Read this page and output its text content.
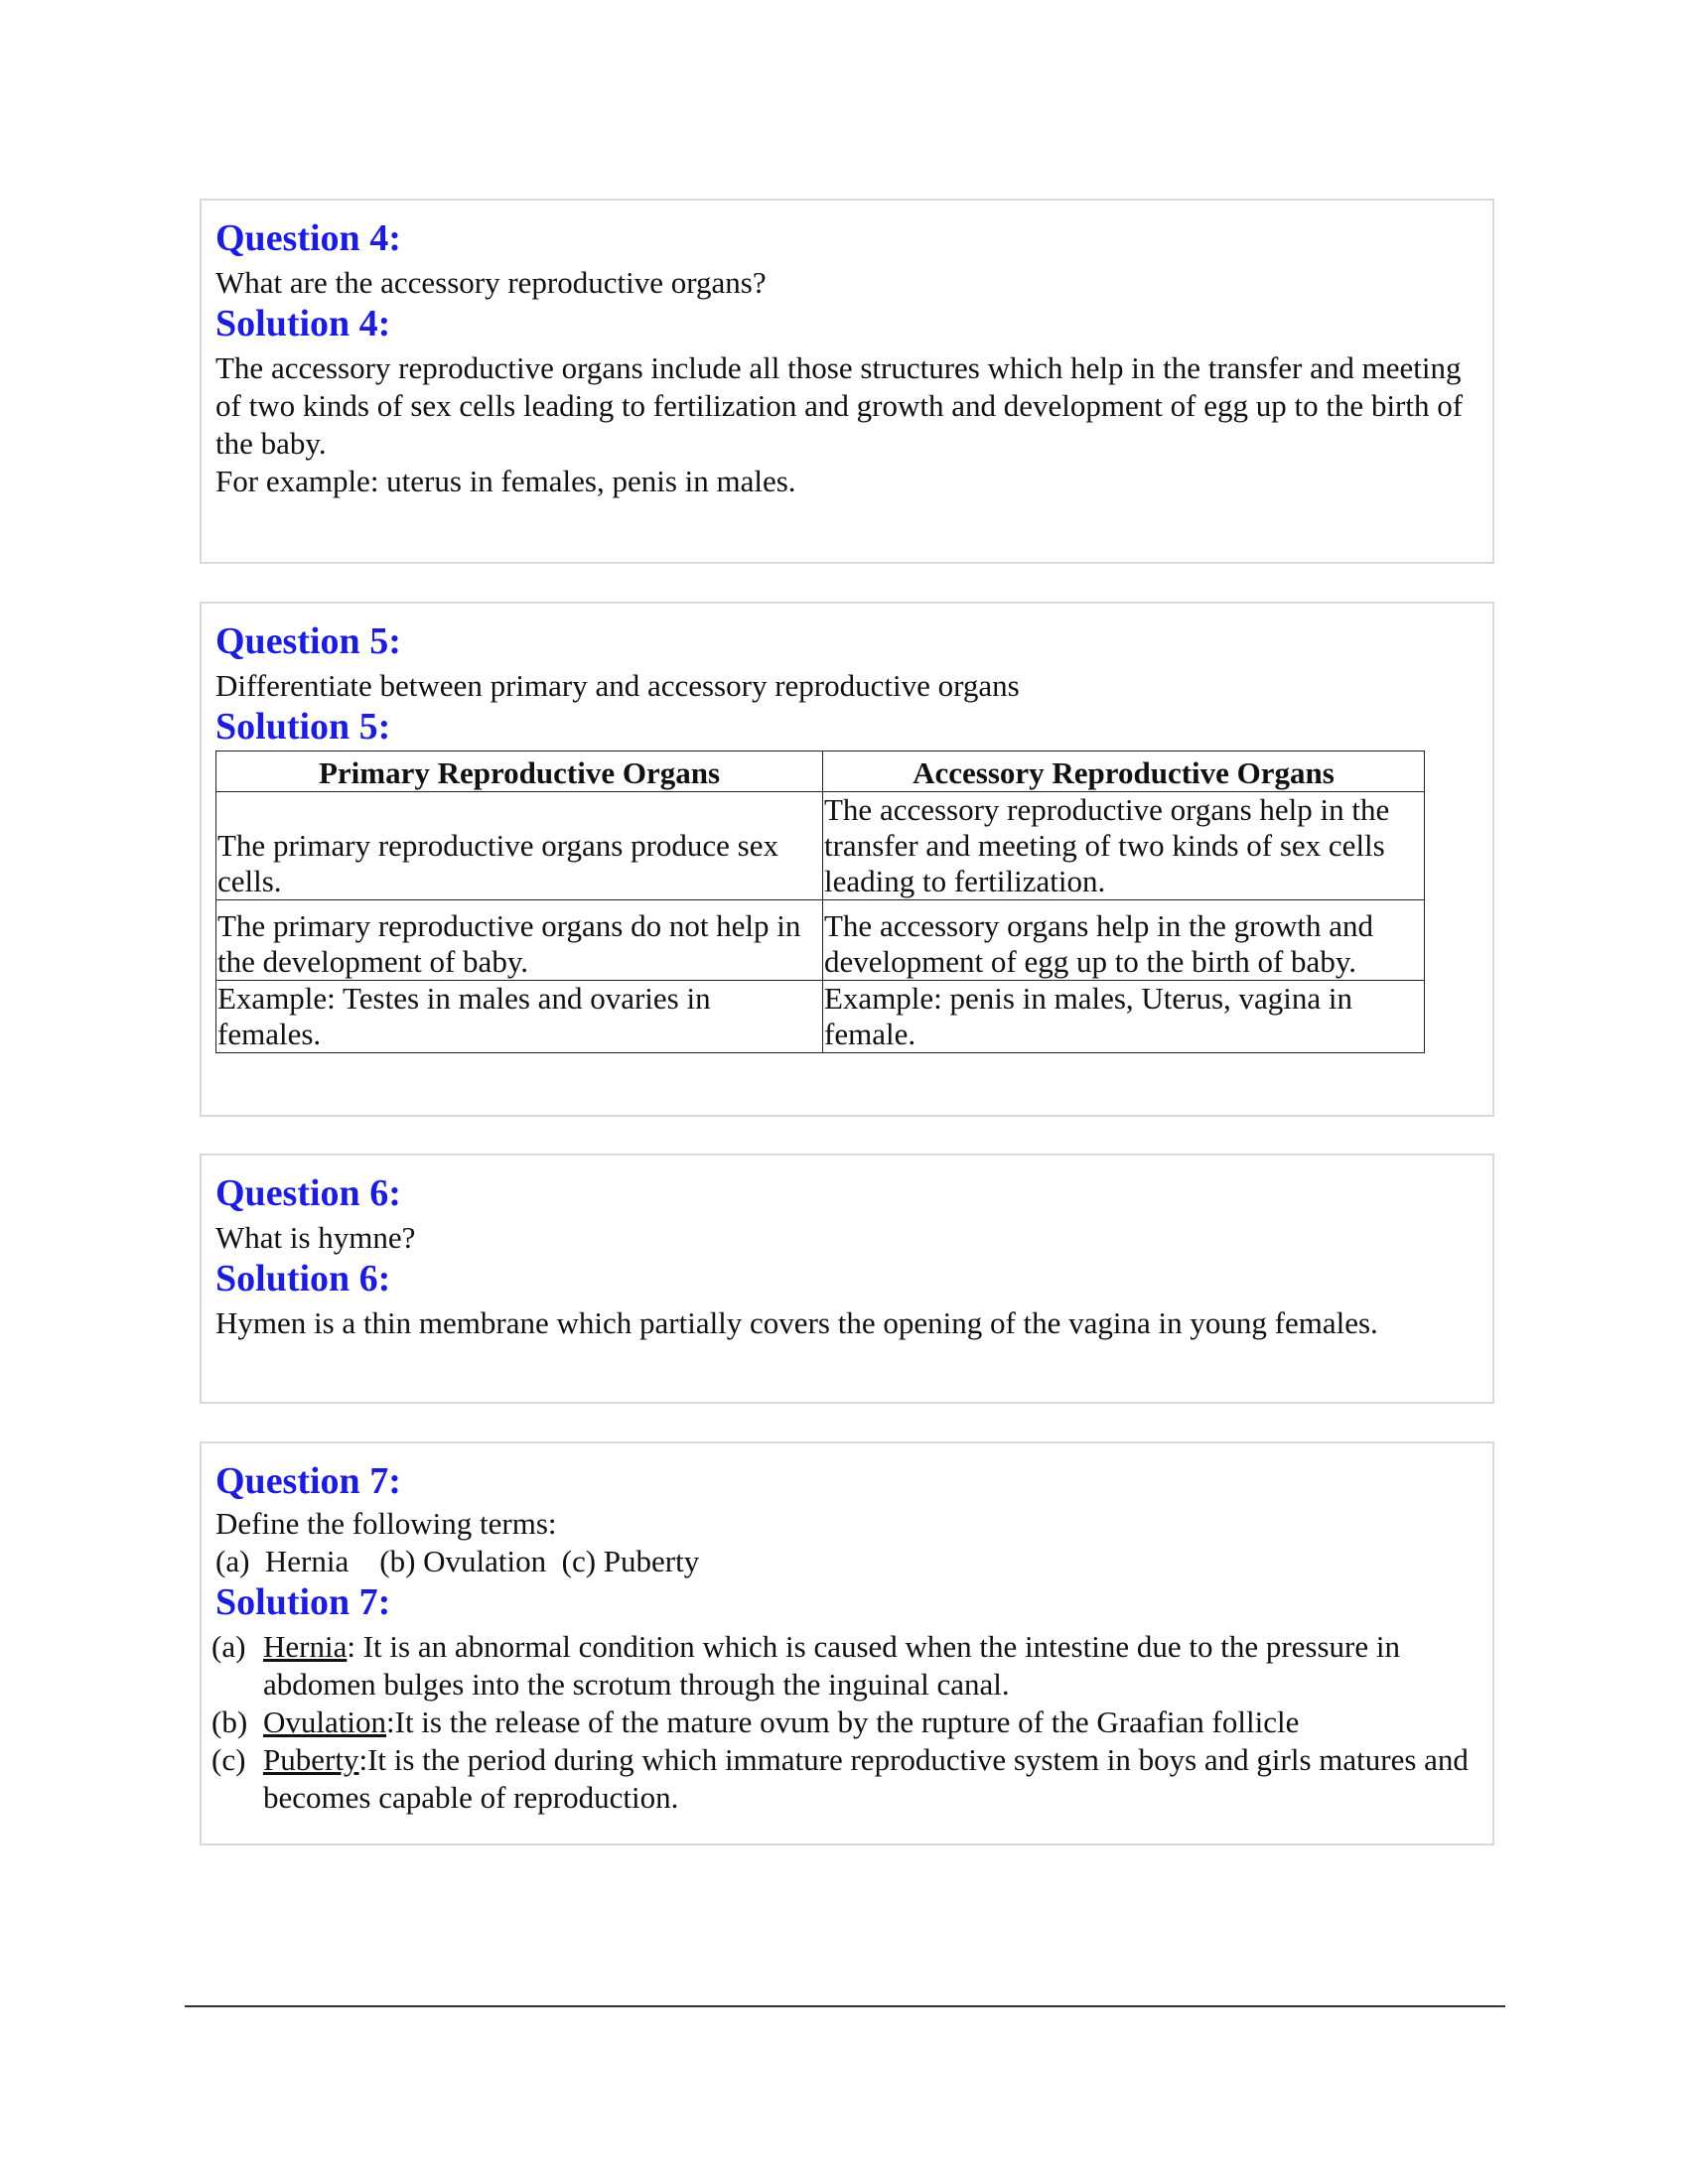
Question 4:
What are the accessory reproductive organs?
Solution 4:
The accessory reproductive organs include all those structures which help in the transfer and meeting of two kinds of sex cells leading to fertilization and growth and development of egg up to the birth of the baby.
For example: uterus in females, penis in males.
Question 5:
Differentiate between primary and accessory reproductive organs
Solution 5:
Primary Reproductive Organs	Accessory Reproductive Organs
The primary reproductive organs produce sex cells.	The accessory reproductive organs help in the transfer and meeting of two kinds of sex cells leading to fertilization.
The primary reproductive organs do not help in the development of baby.	The accessory organs help in the growth and development of egg up to the birth of baby.
Example: Testes in males and ovaries in females.	Example: penis in males, Uterus, vagina in female.
Question 6:
What is hymne?
Solution 6:
Hymen is a thin membrane which partially covers the opening of the vagina in young females.
Question 7:
Define the following terms:
(a)  Hernia    (b) Ovulation  (c) Puberty
Solution 7:
(a) Hernia: It is an abnormal condition which is caused when the intestine due to the pressure in abdomen bulges into the scrotum through the inguinal canal.
(b) Ovulation:It is the release of the mature ovum by the rupture of the Graafian follicle
(c) Puberty:It is the period during which immature reproductive system in boys and girls matures and becomes capable of reproduction.
